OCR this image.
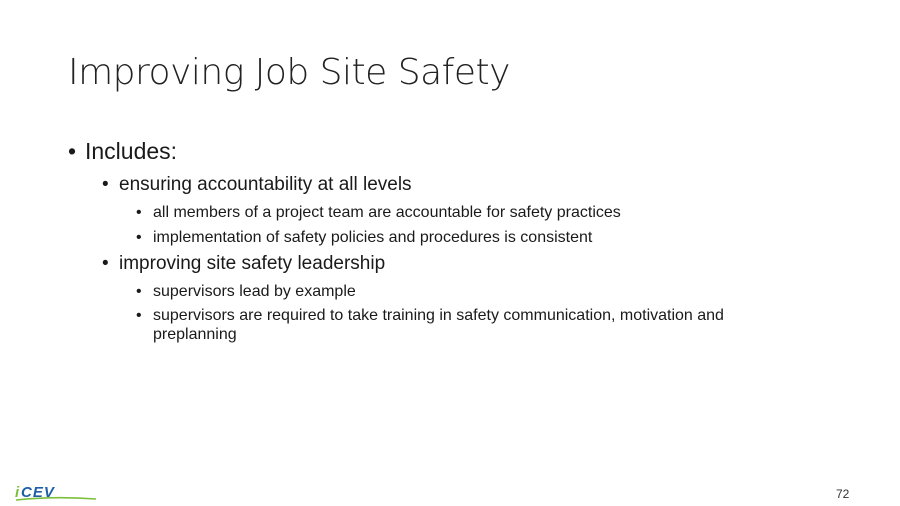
Improving Job Site Safety
• Includes:
• ensuring accountability at all levels
• all members of a project team are accountable for safety practices
• implementation of safety policies and procedures is consistent
• improving site safety leadership
• supervisors lead by example
• supervisors are required to take training in safety communication, motivation and preplanning
i CEV	72
